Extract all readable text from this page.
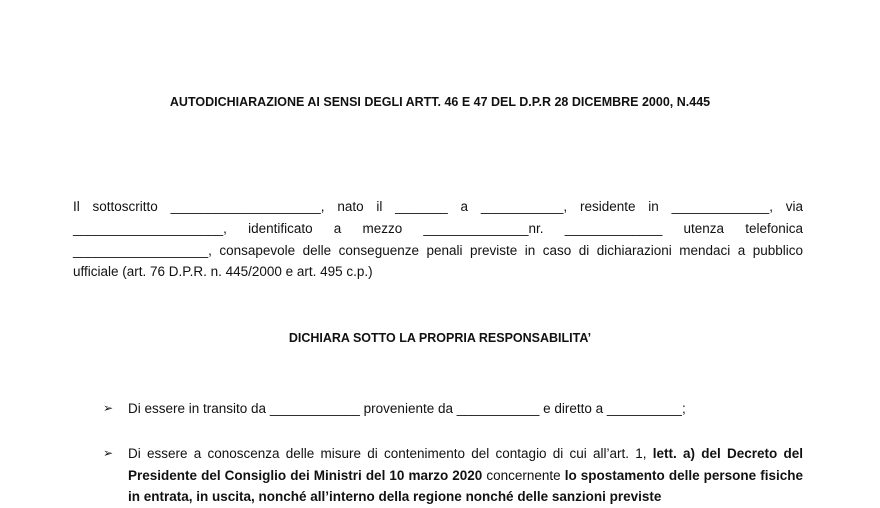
AUTODICHIARAZIONE AI SENSI DEGLI ARTT. 46 E 47 DEL D.P.R 28 DICEMBRE 2000, N.445
Il sottoscritto ____________________, nato il _______ a ___________, residente in _____________, via ____________________, identificato a mezzo ______________nr. _____________ utenza telefonica __________________, consapevole delle conseguenze penali previste in caso di dichiarazioni mendaci a pubblico ufficiale (art. 76 D.P.R. n. 445/2000 e art. 495 c.p.)
DICHIARA SOTTO LA PROPRIA RESPONSABILITA’
➢ Di essere in transito da ____________ proveniente da ___________ e diretto a __________;
➢ Di essere a conoscenza delle misure di contenimento del contagio di cui all’art. 1, lett. a) del Decreto del Presidente del Consiglio dei Ministri del 10 marzo 2020 concernente lo spostamento delle persone fisiche in entrata, in uscita, nonché all’interno della regione nonché delle sanzioni previste
